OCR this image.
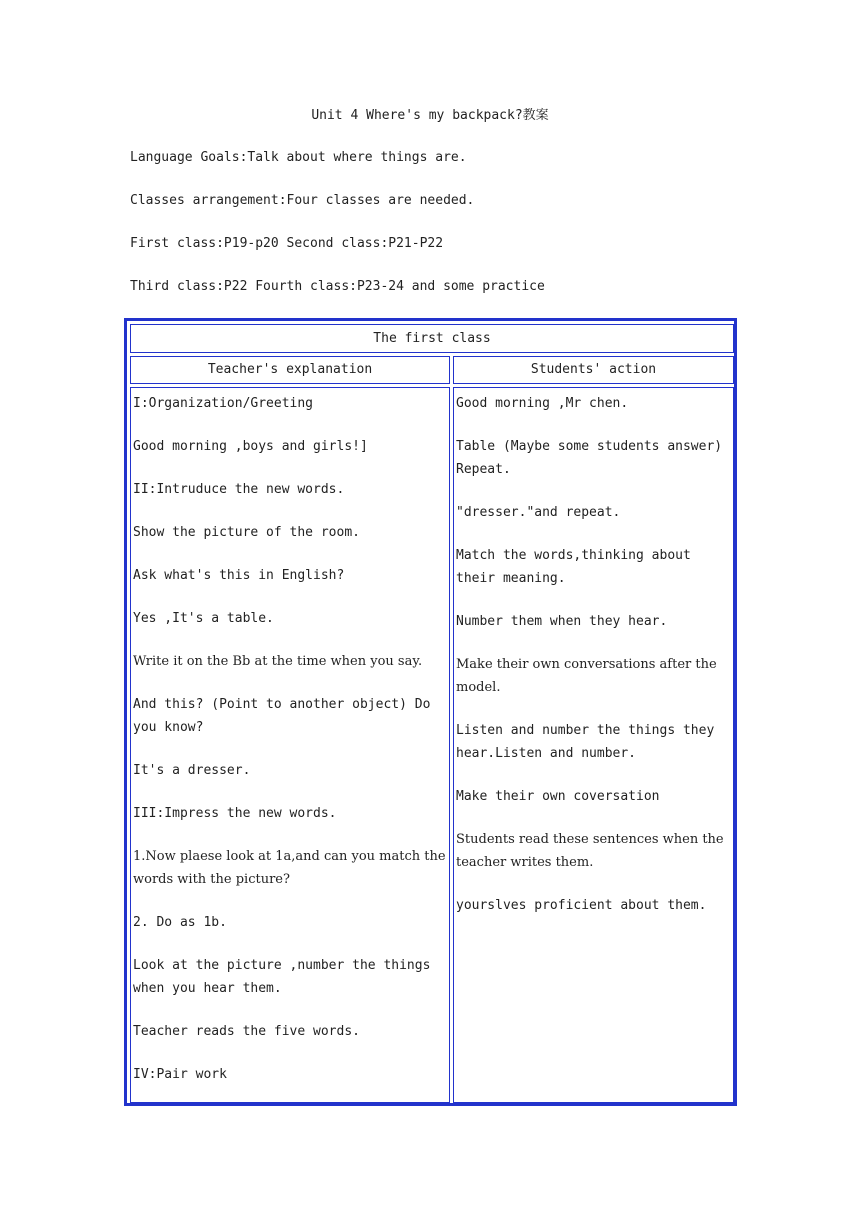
Unit 4 Where's my backpack?教案
Language Goals:Talk about where things are.
Classes arrangement:Four classes are needed.
First class:P19-p20 Second class:P21-P22
Third class:P22 Fourth class:P23-24 and some practice
The first class
Teacher's explanation	Students' action
I:Organization/Greeting
Good morning ,boys and girls!]
II:Intruduce the new words.
Show the picture of the room.
Ask what's this in English?
Yes ,It's a table.
Write it on the Bb at the time when you say.
And this? (Point to another object) Do you know?
It's a dresser.
III:Impress the new words.
1.Now plaese look at 1a,and can you match the words with the picture?
2. Do as 1b.
Look at the picture ,number the things when you hear them.
Teacher reads the five words.
IV:Pair work
Good morning ,Mr chen.
Table (Maybe some students answer) Repeat.
"dresser."and repeat.
Match the words,thinking about their meaning.
Number them when they hear.
Make their own conversations after the model.
Listen and number the things they hear.Listen and number.
Make their own coversation
Students read these sentences when the teacher writes them.
yourslves proficient about them.
